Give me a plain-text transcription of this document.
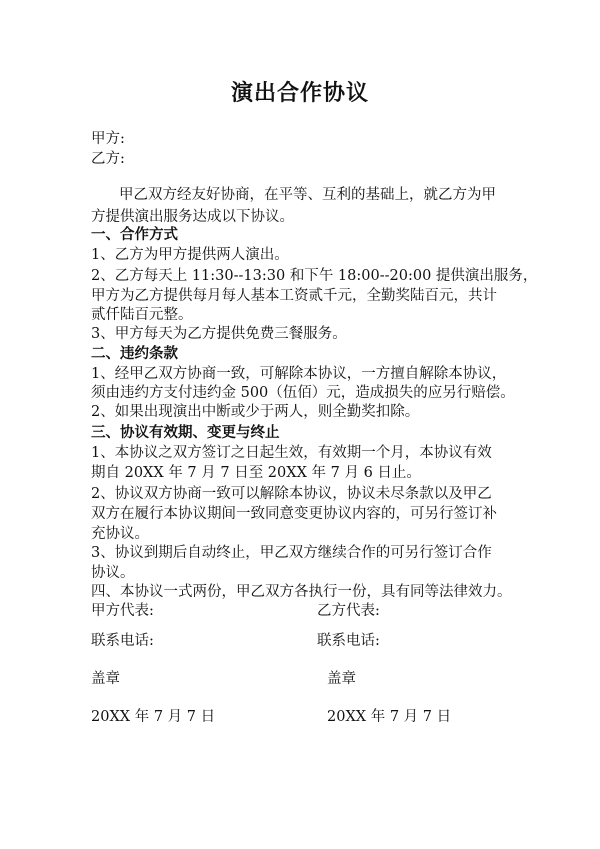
演出合作协议
甲方:
乙方:
甲乙双方经友好协商，在平等、互利的基础上，就乙方为甲
方提供演出服务达成以下协议。
一、合作方式
1、乙方为甲方提供两人演出。
2、乙方每天上 11:30--13:30 和下午 18:00--20:00 提供演出服务，
甲方为乙方提供每月每人基本工资贰千元，全勤奖陆百元，共计
贰仟陆百元整。
3、甲方每天为乙方提供免费三餐服务。
二、违约条款
1、经甲乙双方协商一致，可解除本协议，一方擅自解除本协议，
须由违约方支付违约金 500（伍佰）元，造成损失的应另行赔偿。
2、如果出现演出中断或少于两人，则全勤奖扣除。
三、协议有效期、变更与终止
1、本协议之双方签订之日起生效，有效期一个月，本协议有效
期自 20XX 年 7 月 7 日至 20XX 年 7 月 6 日止。
2、协议双方协商一致可以解除本协议，协议未尽条款以及甲乙
双方在履行本协议期间一致同意变更协议内容的，可另行签订补
充协议。
3、协议到期后自动终止，甲乙双方继续合作的可另行签订合作
协议。
四、本协议一式两份，甲乙双方各执行一份，具有同等法律效力。
甲方代表:	乙方代表:
联系电话:	联系电话:
盖章	盖章
20XX 年 7 月 7 日	20XX 年 7 月 7 日
